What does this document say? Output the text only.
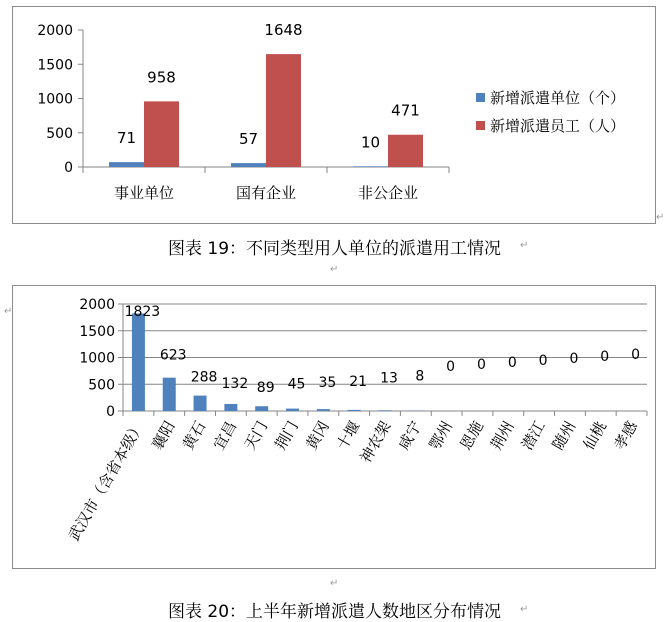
0
500
1000
1500
2000
事业单位
71
958
国有企业
57
1648
非公企业
10
471
新增派遣单位（个）
新增派遣员工（人）
↵
图表 19：不同类型用人单位的派遣用工情况	↵
↵
↵
0
500
1000
1500
2000 1823
武汉市（含省本级）
623
襄阳
288
黄石
132
宜昌
89
天门
45
荆门
35
黄冈
21
十堰
13
神农架
8
咸宁
0
鄂州
0
恩施
0
荆州
0
潜江
0
随州
0
仙桃
0
孝感
↵
图表 20：上半年新增派遣人数地区分布情况	↵
